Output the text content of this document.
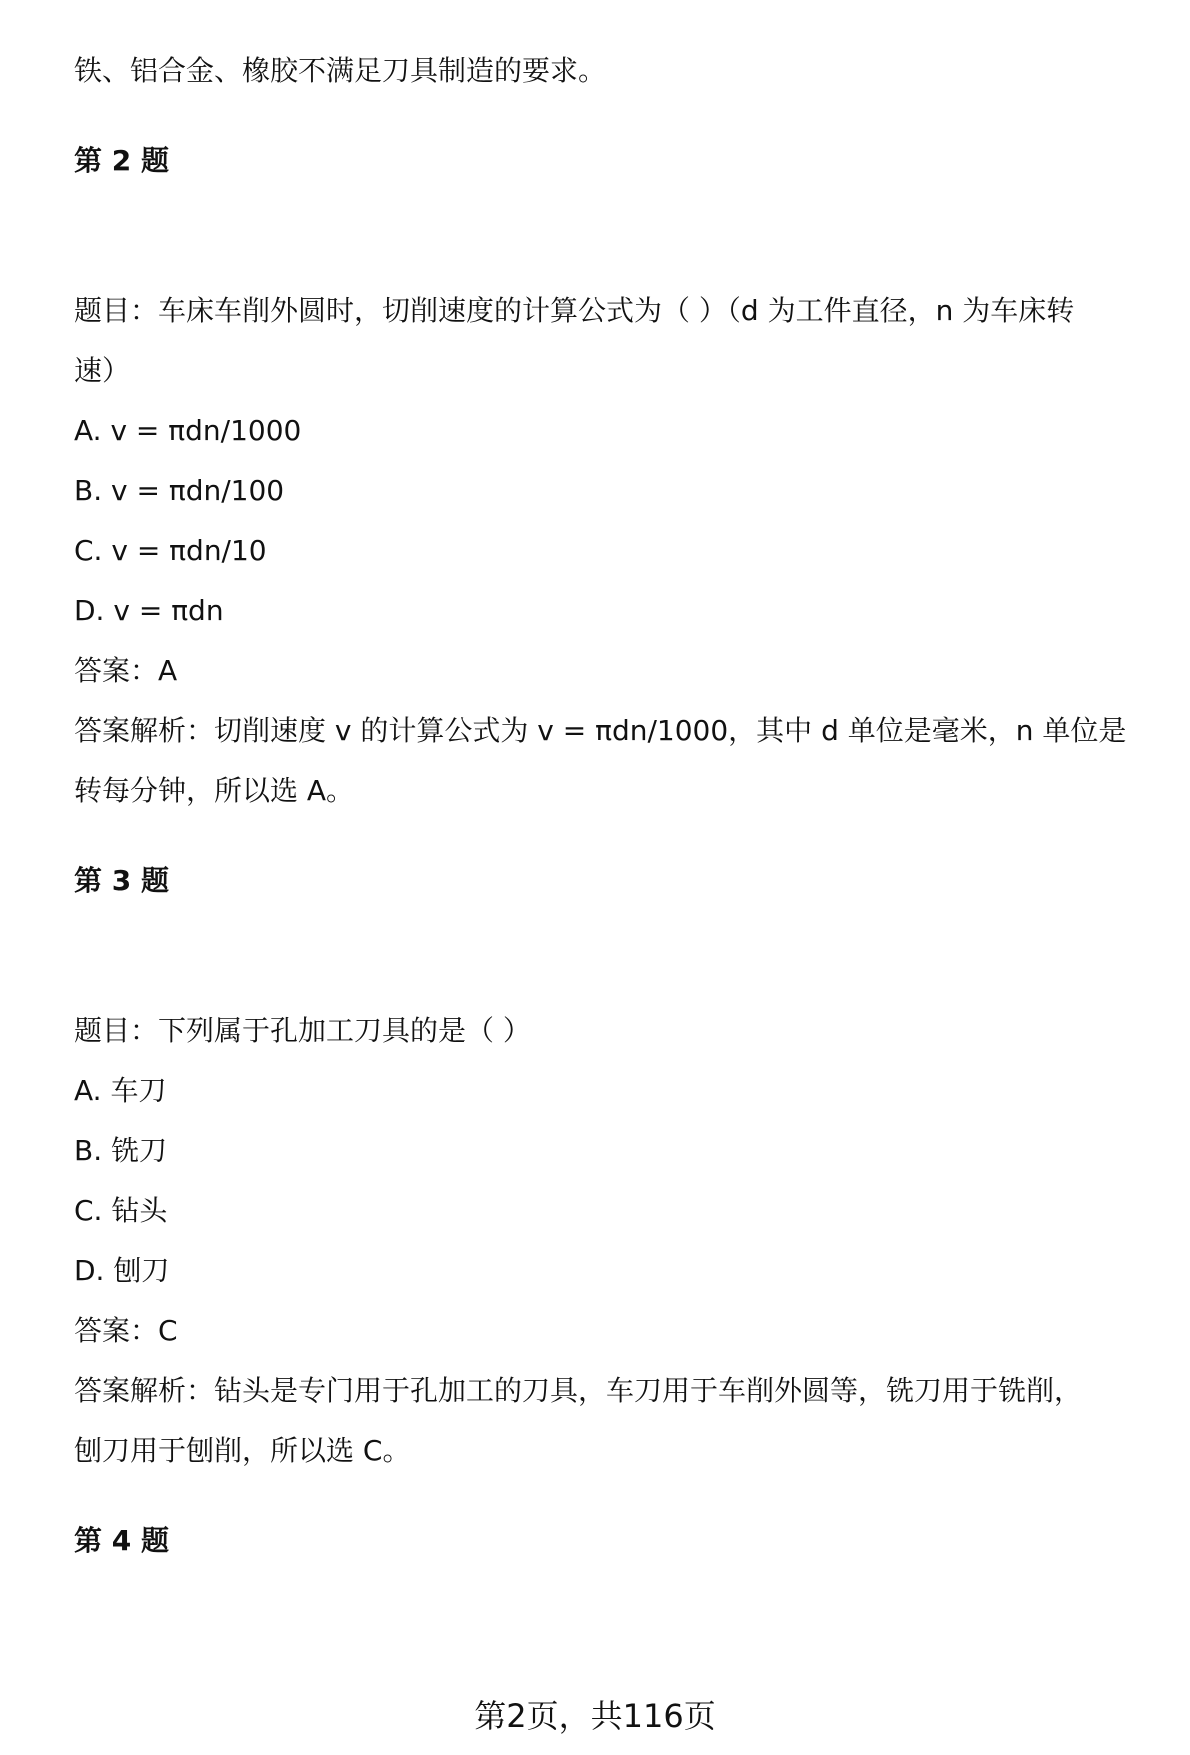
铁、铝合金、橡胶不满足刀具制造的要求。

第 2 题

题目：车床车削外圆时，切削速度的计算公式为（ ）（d 为工件直径，n 为车床转

速）

A. v = πdn/1000

B. v = πdn/100

C. v = πdn/10

D. v = πdn

答案：A

答案解析：切削速度 v 的计算公式为 v = πdn/1000，其中 d 单位是毫米，n 单位是

转每分钟，所以选 A。

第 3 题

题目：下列属于孔加工刀具的是（ ）

A. 车刀

B. 铣刀

C. 钻头

D. 刨刀

答案：C

答案解析：钻头是专门用于孔加工的刀具，车刀用于车削外圆等，铣刀用于铣削，

刨刀用于刨削，所以选 C。

第 4 题

第2页，共116页
